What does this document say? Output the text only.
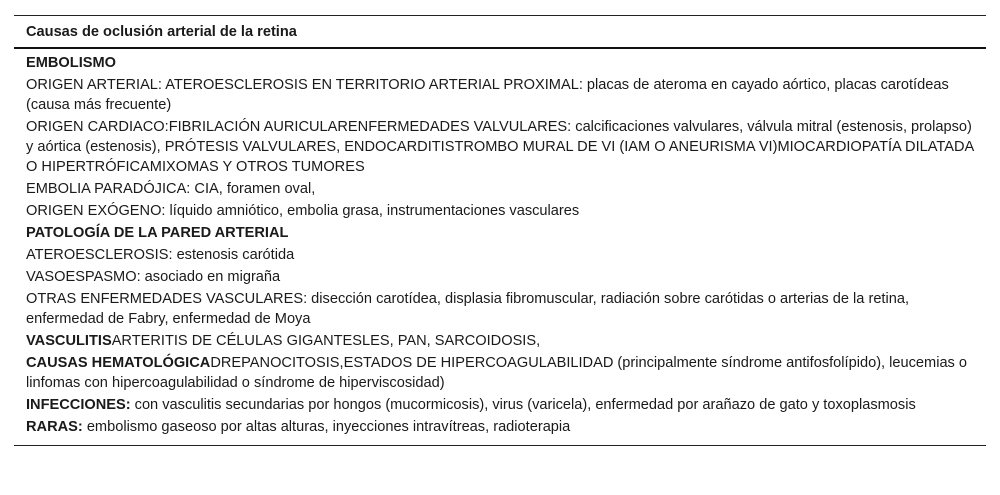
Causas de oclusión arterial de la retina
EMBOLISMO
ORIGEN ARTERIAL: ATEROESCLEROSIS EN TERRITORIO ARTERIAL PROXIMAL: placas de ateroma en cayado aórtico, placas carotídeas (causa más frecuente)
ORIGEN CARDIACO:FIBRILACIÓN AURICULARENFERMEDADES VALVULARES: calcificaciones valvulares, válvula mitral (estenosis, prolapso) y aórtica (estenosis), PRÓTESIS VALVULARES, ENDOCARDITISTROMBO MURAL DE VI (IAM O ANEURISMA VI)MIOCARDIOPATÍA DILATADA O HIPERTRÓFICAMIXOMAS Y OTROS TUMORES
EMBOLIA PARADÓJICA: CIA, foramen oval,
ORIGEN EXÓGENO: líquido amniótico, embolia grasa, instrumentaciones vasculares
PATOLOGÍA DE LA PARED ARTERIAL
ATEROESCLEROSIS: estenosis carótida
VASOESPASMO: asociado en migraña
OTRAS ENFERMEDADES VASCULARES: disección carotídea, displasia fibromuscular, radiación sobre carótidas o arterias de la retina, enfermedad de Fabry, enfermedad de Moya
VASCULITISARTERITIS DE CÉLULAS GIGANTESLES, PAN, SARCOIDOSIS,
CAUSAS HEMATOLÓGICADREPANOCITOSIS,ESTADOS DE HIPERCOAGULABILIDAD (principalmente síndrome antifosfolípido), leucemias o linfomas con hipercoagulabilidad o síndrome de hiperviscosidad)
INFECCIONES: con vasculitis secundarias por hongos (mucormicosis), virus (varicela), enfermedad por arañazo de gato y toxoplasmosis
RARAS: embolismo gaseoso por altas alturas, inyecciones intravítreas, radioterapia
